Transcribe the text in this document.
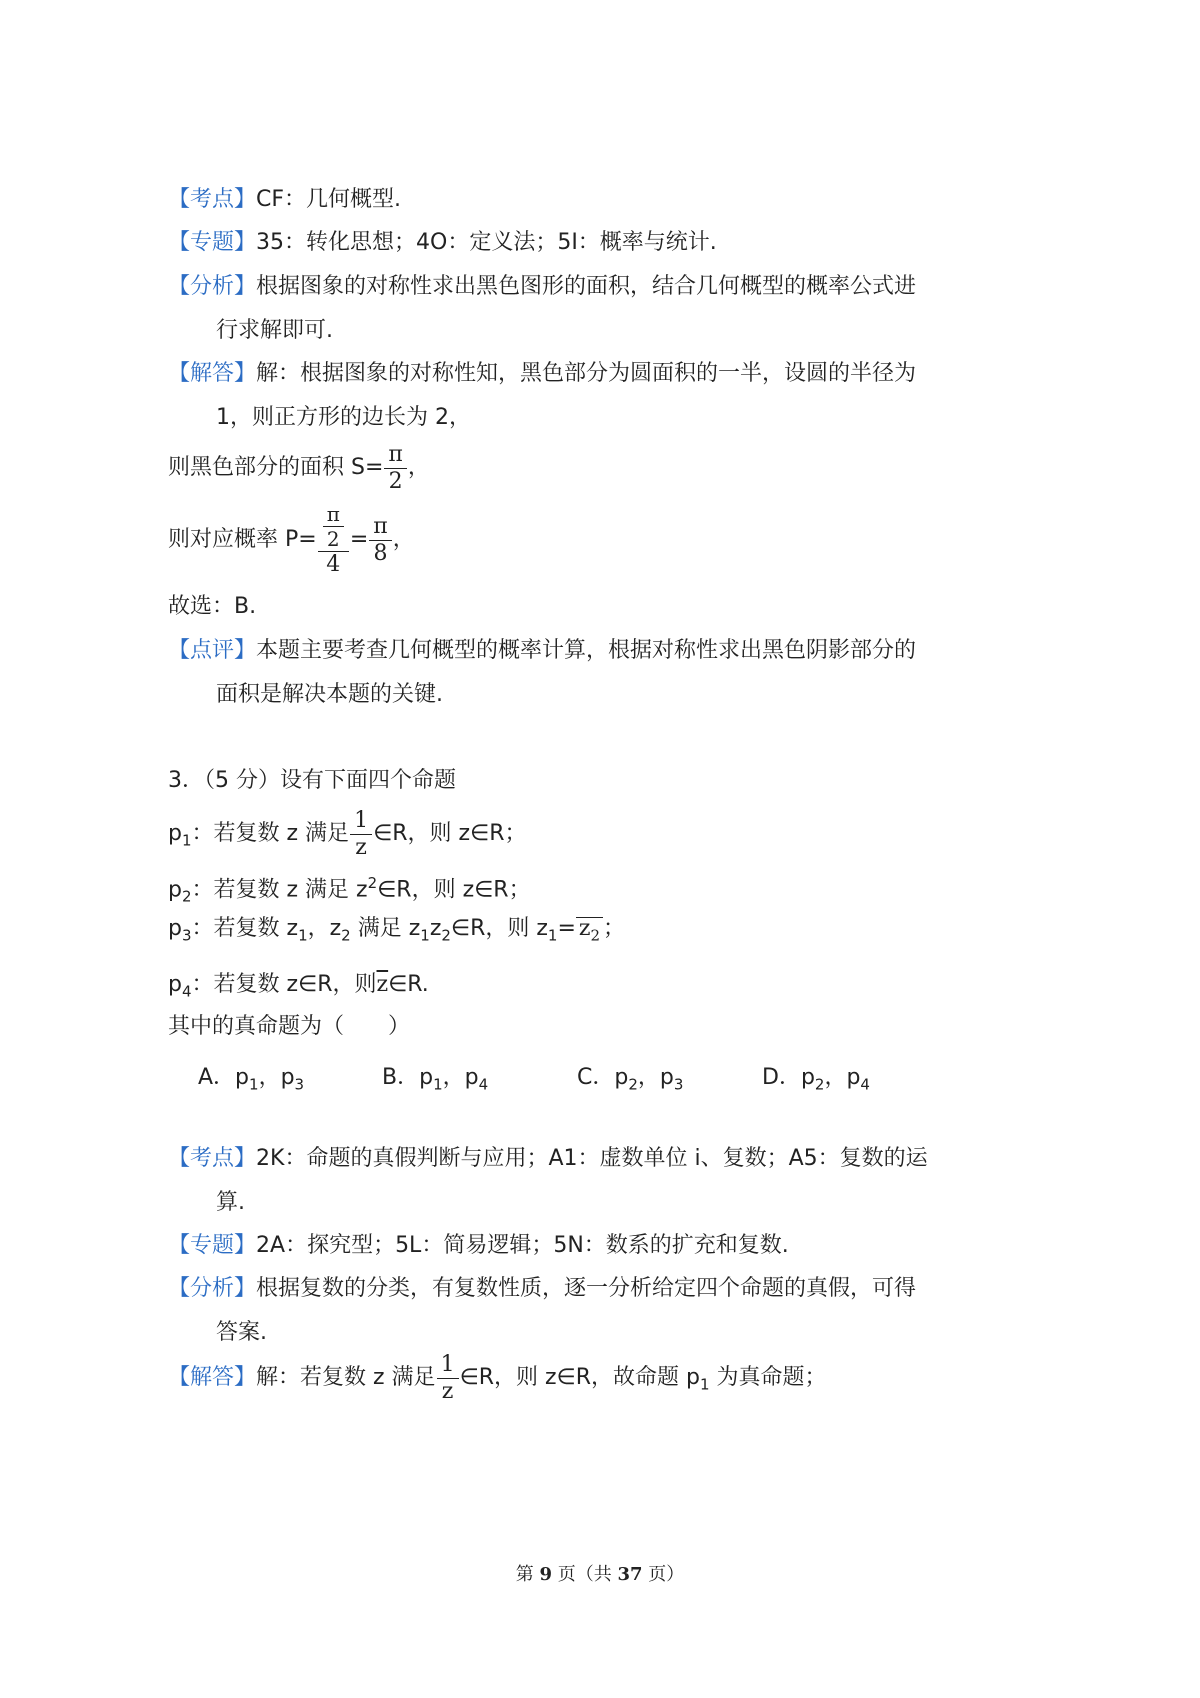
【考点】CF：几何概型.
【专题】35：转化思想；4O：定义法；5I：概率与统计.
【分析】根据图象的对称性求出黑色图形的面积，结合几何概型的概率公式进
行求解即可.
【解答】解：根据图象的对称性知，黑色部分为圆面积的一半，设圆的半径为
1，则正方形的边长为 2，
则黑色部分的面积 $S= \frac{\pi}{2}$ ，
则对应概率 $P= \frac{\frac{\pi}{2}}{4} = \frac{\pi}{8}$ ，
故选：B.
【点评】本题主要考查几何概型的概率计算，根据对称性求出黑色阴影部分的
面积是解决本题的关键.
3．（5 分）设有下面四个命题
$p_1$：若复数 z 满足 $\frac{1}{z}$ ∈R，则 z∈R；
$p_2$：若复数 z 满足 $z^2\in R$，则 z∈R；
$p_3$：若复数 $z_1$，$z_2$ 满足 $z_1z_2\in R$，则 $z_1= z_2$ ；
$p_4$：若复数 z∈R，则$\overline{z}\in R$.
其中的真命题为（　　）
A．$p_1$，$p_3$	B．$p_1$，$p_4$	C．$p_2$，$p_3$	D．$p_2$，$p_4$
【考点】2K：命题的真假判断与应用；A1：虚数单位 i、复数；A5：复数的运
算.
【专题】2A：探究型；5L：简易逻辑；5N：数系的扩充和复数.
【分析】根据复数的分类，有复数性质，逐一分析给定四个命题的真假，可得
答案.
【解答】解：若复数 z 满足 $\frac{1}{z}$ ∈R，则 z∈R，故命题 $p_1$ 为真命题；
第 9 页（共 37 页）
